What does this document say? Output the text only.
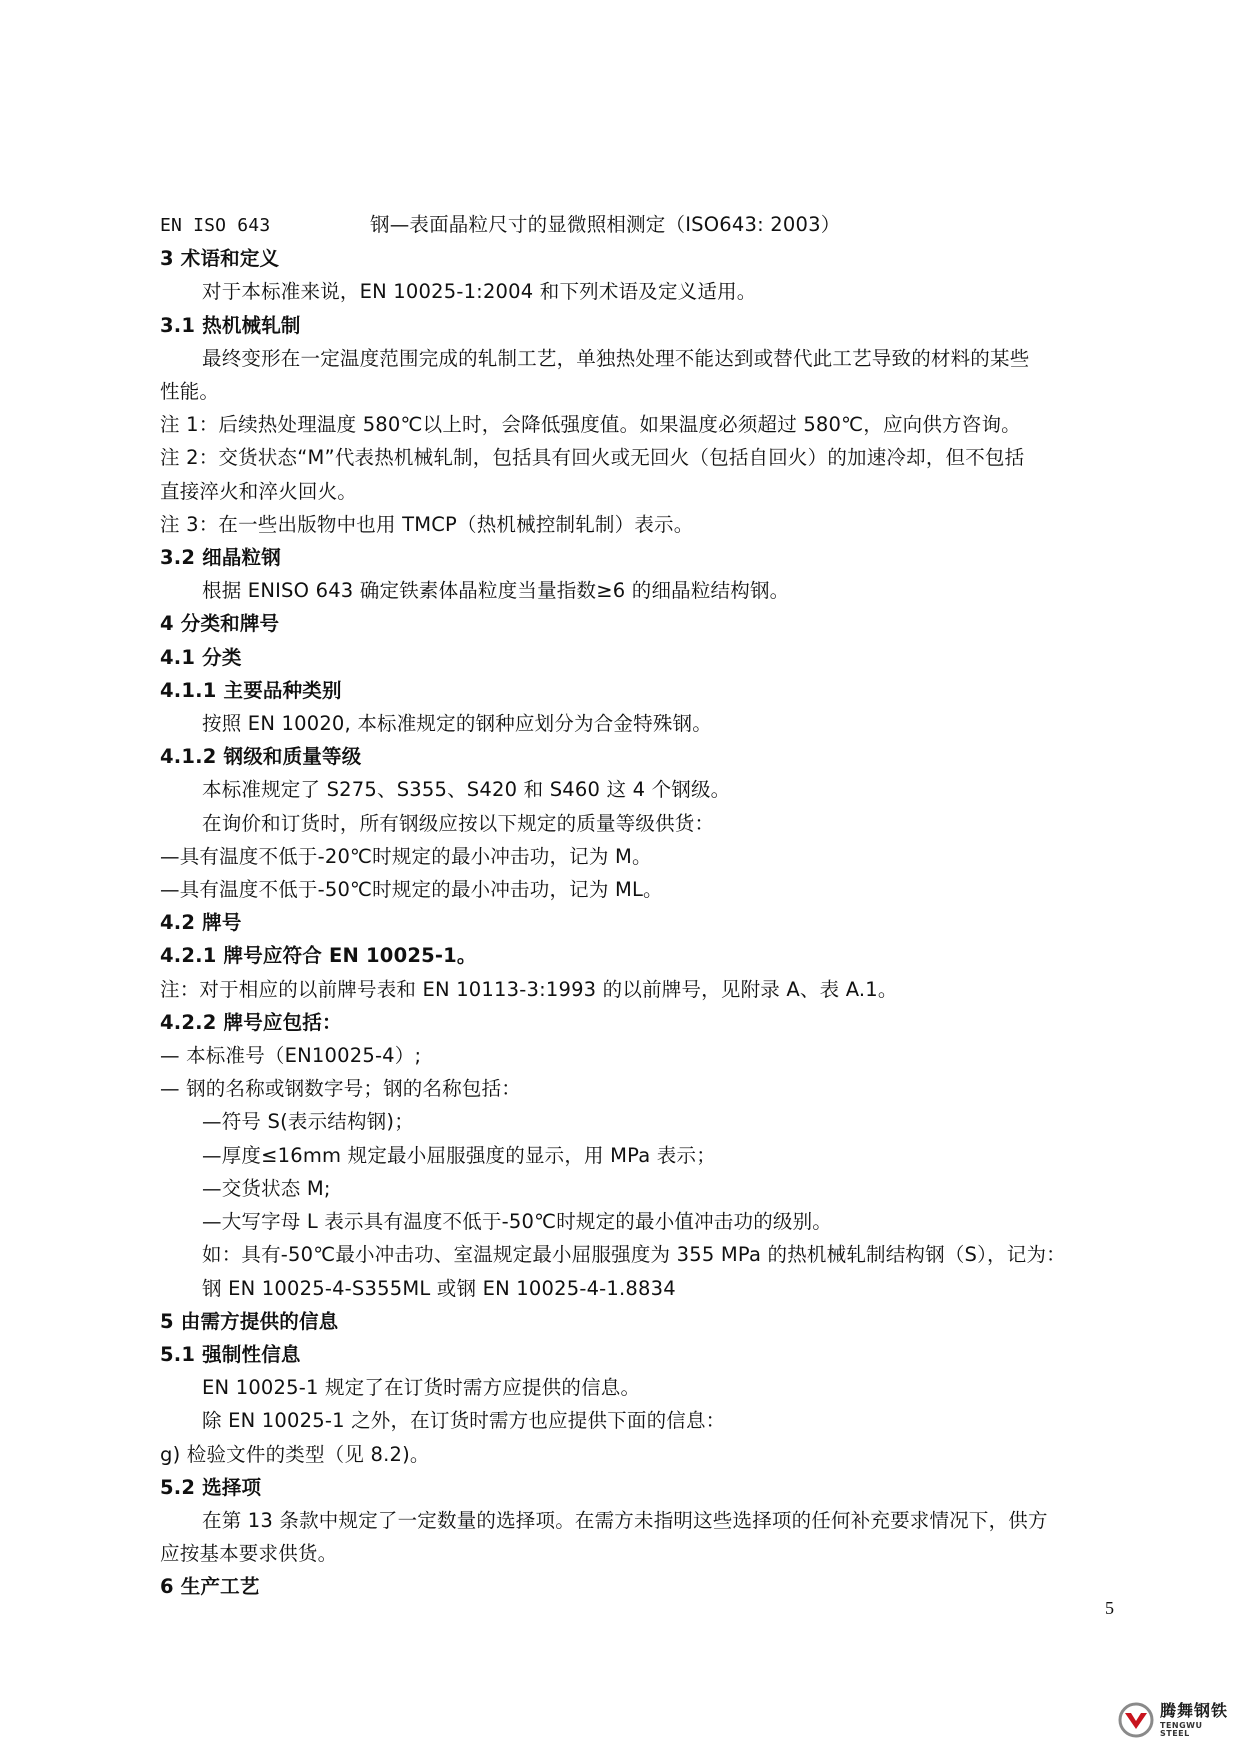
EN ISO 643	钢—表面晶粒尺寸的显微照相测定（ISO643: 2003）
3 术语和定义
对于本标准来说，EN 10025-1:2004 和下列术语及定义适用。
3.1 热机械轧制
最终变形在一定温度范围完成的轧制工艺，单独热处理不能达到或替代此工艺导致的材料的某些
性能。
注 1：后续热处理温度 580℃以上时，会降低强度值。如果温度必须超过 580℃，应向供方咨询。
注 2：交货状态“M”代表热机械轧制，包括具有回火或无回火（包括自回火）的加速冷却，但不包括
直接淬火和淬火回火。
注 3：在一些出版物中也用 TMCP（热机械控制轧制）表示。
3.2 细晶粒钢
根据 ENISO 643 确定铁素体晶粒度当量指数≥6 的细晶粒结构钢。
4 分类和牌号
4.1 分类
4.1.1 主要品种类别
按照 EN 10020, 本标准规定的钢种应划分为合金特殊钢。
4.1.2 钢级和质量等级
本标准规定了 S275、S355、S420 和 S460 这 4 个钢级。
在询价和订货时，所有钢级应按以下规定的质量等级供货：
—具有温度不低于-20℃时规定的最小冲击功，记为 M。
—具有温度不低于-50℃时规定的最小冲击功，记为 ML。
4.2 牌号
4.2.1 牌号应符合 EN 10025-1。
注：对于相应的以前牌号表和 EN 10113-3:1993 的以前牌号，见附录 A、表 A.1。
4.2.2 牌号应包括：
— 本标准号（EN10025-4）;
— 钢的名称或钢数字号；钢的名称包括：
—符号 S(表示结构钢)；
—厚度≤16mm 规定最小屈服强度的显示，用 MPa 表示；
—交货状态 M;
—大写字母 L 表示具有温度不低于-50℃时规定的最小值冲击功的级别。
如：具有-50℃最小冲击功、室温规定最小屈服强度为 355 MPa 的热机械轧制结构钢（S），记为：
钢 EN 10025-4-S355ML 或钢 EN 10025-4-1.8834
5 由需方提供的信息
5.1 强制性信息
EN 10025-1 规定了在订货时需方应提供的信息。
除 EN 10025-1 之外，在订货时需方也应提供下面的信息：
g) 检验文件的类型（见 8.2)。
5.2 选择项
在第 13 条款中规定了一定数量的选择项。在需方未指明这些选择项的任何补充要求情况下，供方
应按基本要求供货。
6 生产工艺
5
腾舞钢铁
TENGWU STEEL
